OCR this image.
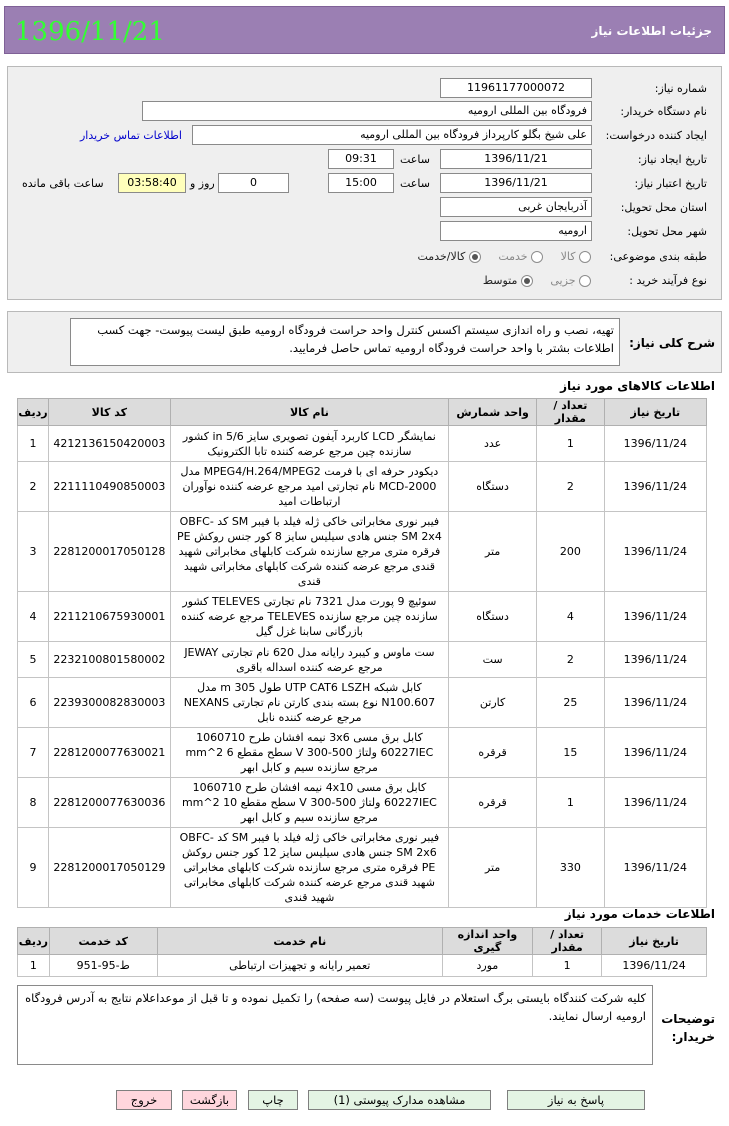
جزئیات اطلاعات نیاز
1396/11/21
شماره نیاز:
11961177000072
نام دستگاه خریدار:
فرودگاه بین المللی ارومیه
ایجاد کننده درخواست:
علی شیخ بگلو کارپرداز فرودگاه بین المللی ارومیه
اطلاعات تماس خریدار
تاریخ ایجاد نیاز:
1396/11/21
ساعت
09:31
تاریخ اعتبار نیاز:
1396/11/21
ساعت
15:00
0
روز و
03:58:40
ساعت باقی مانده
استان محل تحویل:
آذربایجان غربی
شهر محل تحویل:
ارومیه
طبقه بندی موضوعی:
کالا  خدمت  کالا/خدمت
نوع فرآیند خرید :
جزیی  متوسط
شرح کلی نیاز:
تهیه، نصب و راه اندازی سیستم اکسس کنترل واحد حراست فرودگاه ارومیه طبق لیست پیوست- جهت کسب اطلاعات بشتر با واحد حراست فرودگاه ارومیه تماس حاصل فرمایید.
اطلاعات کالاهای مورد نیاز
تاریخ نیاز	تعداد / مقدار	واحد شمارش	نام کالا	کد کالا	ردیف
1396/11/24	1	عدد	نمایشگر LCD کاربرد آیفون تصویری سایز 5/6 in کشور سازنده چین مرجع عرضه کننده تابا الکترونیک	4212136150420003	1
1396/11/24	2	دستگاه	دیکودر حرفه ای با فرمت MPEG4/H.264/MPEG2 مدل MCD-2000 نام تجارتی امید مرجع عرضه کننده نوآوران ارتباطات امید	2211110490850003	2
1396/11/24	200	متر	فیبر نوری مخابراتی خاکی ژله فیلد با فیبر SM کد OBFC-SM 2x4 جنس هادی سیلیس سایز 8 کور جنس روکش PE فرقره متری مرجع سازنده شرکت کابلهای مخابراتی شهید قندی مرجع عرضه کننده شرکت کابلهای مخابراتی شهید قندی	2281200017050128	3
1396/11/24	4	دستگاه	سوئیچ 9 پورت مدل 7321 نام تجارتی TELEVES کشور سازنده چین مرجع سازنده TELEVES مرجع عرضه کننده بازرگانی سابنا غزل گیل	2211210675930001	4
1396/11/24	2	ست	ست ماوس و کیبرد رایانه مدل 620 نام تجارتی JEWAY مرجع عرضه کننده اسداله باقری	2232100801580002	5
1396/11/24	25	کارتن	کابل شبکه UTP CAT6 LSZH طول 305 m مدل N100.607 نوع بسته بندی کارتن نام تجارتی NEXANS مرجع عرضه کننده نابل	2239300082830003	6
1396/11/24	15	قرقره	کابل برق مسی 3x6 نیمه افشان طرح 1060710 60227IEC ولتاژ 500-300 V سطح مقطع 6 mm^2 مرجع سازنده سیم و کابل ابهر	2281200077630021	7
1396/11/24	1	قرقره	کابل برق مسی 4x10 نیمه افشان طرح 1060710 60227IEC ولتاژ 500-300 V سطح مقطع 10 mm^2 مرجع سازنده سیم و کابل ابهر	2281200077630036	8
1396/11/24	330	متر	فیبر نوری مخابراتی خاکی ژله فیلد با فیبر SM کد OBFC-SM 2x6 جنس هادی سیلیس سایز 12 کور جنس روکش PE فرقره متری مرجع سازنده شرکت کابلهای مخابراتی شهید قندی مرجع عرضه کننده شرکت کابلهای مخابراتی شهید قندی	2281200017050129	9
اطلاعات خدمات مورد نیاز
تاریخ نیاز	تعداد / مقدار	واحد اندازه گیری	نام خدمت	کد خدمت	ردیف
1396/11/24	1	مورد	تعمیر رایانه و تجهیزات ارتباطی	ط-95-951	1
کلیه شرکت کنندگاه بایستی برگ استعلام در فایل پیوست (سه صفحه) را تکمیل نموده و تا قبل از موعداعلام نتایج به آدرس فرودگاه ارومیه ارسال نمایند.	توضیحات خریدار:
پاسخ به نیاز
مشاهده مدارک پیوستی (1)
چاپ
بازگشت
خروج
